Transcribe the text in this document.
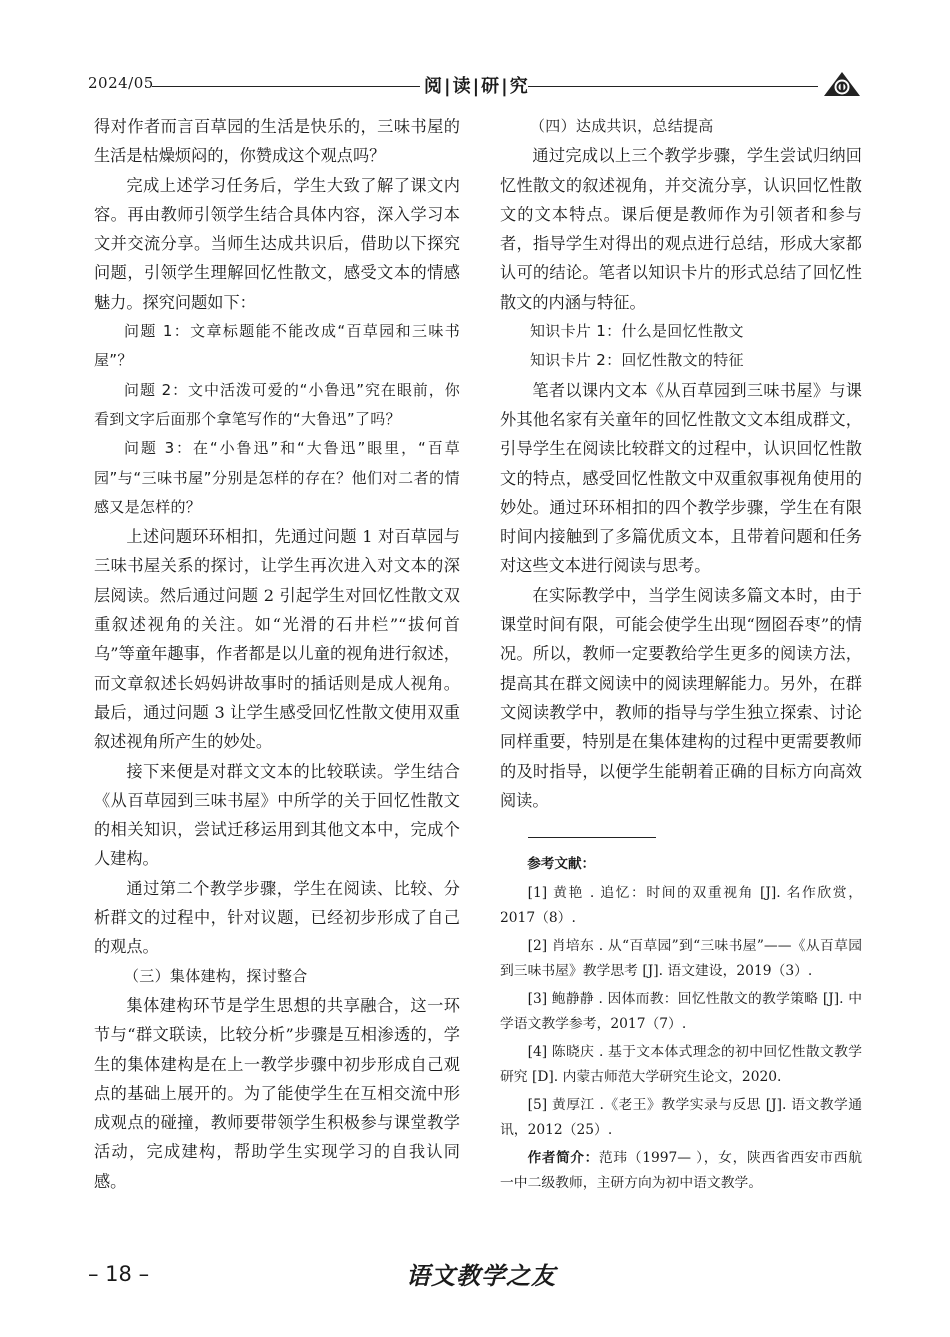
2024/05	阅|读|研|究

得对作者而言百草园的生活是快乐的，三味书屋的生活是枯燥烦闷的，你赞成这个观点吗？

完成上述学习任务后，学生大致了解了课文内容。再由教师引领学生结合具体内容，深入学习本文并交流分享。当师生达成共识后，借助以下探究问题，引领学生理解回忆性散文，感受文本的情感魅力。探究问题如下：

问题 1：文章标题能不能改成“百草园和三味书屋”？

问题 2：文中活泼可爱的“小鲁迅”究在眼前，你看到文字后面那个拿笔写作的“大鲁迅”了吗？

问题 3：在“小鲁迅”和“大鲁迅”眼里，“百草园”与“三味书屋”分别是怎样的存在？他们对二者的情感又是怎样的？

上述问题环环相扣，先通过问题 1 对百草园与三味书屋关系的探讨，让学生再次进入对文本的深层阅读。然后通过问题 2 引起学生对回忆性散文双重叙述视角的关注。如“光滑的石井栏”“拔何首乌”等童年趣事，作者都是以儿童的视角进行叙述，而文章叙述长妈妈讲故事时的插话则是成人视角。最后，通过问题 3 让学生感受回忆性散文使用双重叙述视角所产生的妙处。

接下来便是对群文文本的比较联读。学生结合《从百草园到三味书屋》中所学的关于回忆性散文的相关知识，尝试迁移运用到其他文本中，完成个人建构。

通过第二个教学步骤，学生在阅读、比较、分析群文的过程中，针对议题，已经初步形成了自己的观点。

（三）集体建构，探讨整合

集体建构环节是学生思想的共享融合，这一环节与“群文联读，比较分析”步骤是互相渗透的，学生的集体建构是在上一教学步骤中初步形成自己观点的基础上展开的。为了能使学生在互相交流中形成观点的碰撞，教师要带领学生积极参与课堂教学活动，完成建构，帮助学生实现学习的自我认同感。

（四）达成共识，总结提高

通过完成以上三个教学步骤，学生尝试归纳回忆性散文的叙述视角，并交流分享，认识回忆性散文的文本特点。课后便是教师作为引领者和参与者，指导学生对得出的观点进行总结，形成大家都认可的结论。笔者以知识卡片的形式总结了回忆性散文的内涵与特征。

知识卡片 1：什么是回忆性散文

知识卡片 2：回忆性散文的特征

笔者以课内文本《从百草园到三味书屋》与课外其他名家有关童年的回忆性散文文本组成群文，引导学生在阅读比较群文的过程中，认识回忆性散文的特点，感受回忆性散文中双重叙事视角使用的妙处。通过环环相扣的四个教学步骤，学生在有限时间内接触到了多篇优质文本，且带着问题和任务对这些文本进行阅读与思考。

在实际教学中，当学生阅读多篇文本时，由于课堂时间有限，可能会使学生出现“囫囵吞枣”的情况。所以，教师一定要教给学生更多的阅读方法，提高其在群文阅读中的阅读理解能力。另外，在群文阅读教学中，教师的指导与学生独立探索、讨论同样重要，特别是在集体建构的过程中更需要教师的及时指导，以便学生能朝着正确的目标方向高效阅读。

参考文献：

[1] 黄艳 . 追忆：时间的双重视角 [J]. 名作欣赏，2017（8）.

[2] 肖培东 . 从“百草园”到“三味书屋”——《从百草园到三味书屋》教学思考 [J]. 语文建设，2019（3）.

[3] 鲍静静 . 因体而教：回忆性散文的教学策略 [J]. 中学语文教学参考，2017（7）.

[4] 陈晓庆 . 基于文本体式理念的初中回忆性散文教学研究 [D]. 内蒙古师范大学研究生论文，2020.

[5] 黄厚江 .《老王》教学实录与反思 [J]. 语文教学通讯，2012（25）.

作者简介：范玮（1997— ），女，陕西省西安市西航一中二级教师，主研方向为初中语文教学。

– 18 –	语文教学之友
